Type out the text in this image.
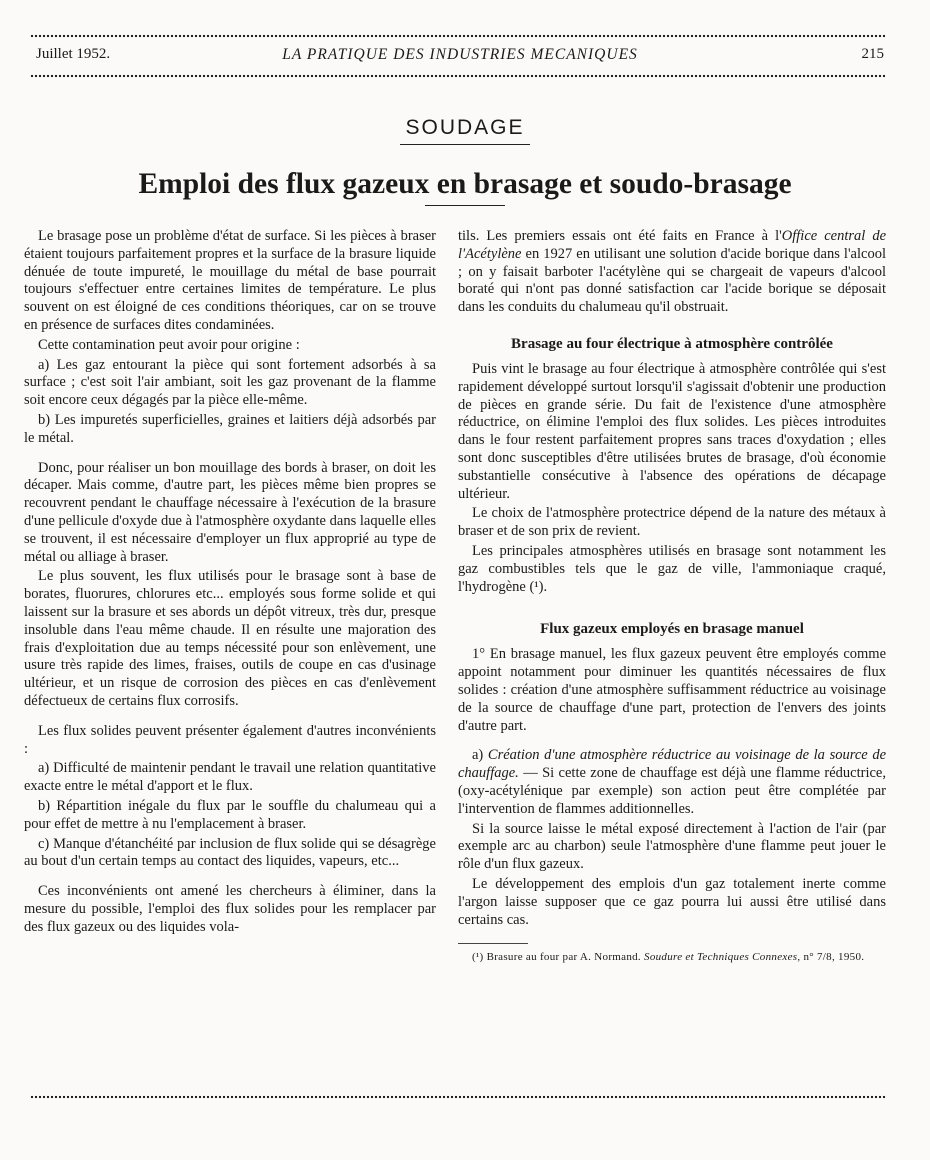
Juillet 1952.	LA PRATIQUE DES INDUSTRIES MECANIQUES	215
SOUDAGE
Emploi des flux gazeux en brasage et soudo-brasage

Le brasage pose un problème d'état de surface. Si les pièces à braser étaient toujours parfaitement propres et la surface de la brasure liquide dénuée de toute impureté, le mouillage du métal de base pourrait toujours s'effectuer entre certaines limites de température. Le plus souvent on est éloigné de ces conditions théoriques, car on se trouve en présence de surfaces dites condaminées.

Cette contamination peut avoir pour origine :

a) Les gaz entourant la pièce qui sont fortement adsorbés à sa surface ; c'est soit l'air ambiant, soit les gaz provenant de la flamme soit encore ceux dégagés par la pièce elle-même.

b) Les impuretés superficielles, graines et laitiers déjà adsorbés par le métal.

Donc, pour réaliser un bon mouillage des bords à braser, on doit les décaper. Mais comme, d'autre part, les pièces même bien propres se recouvrent pendant le chauffage nécessaire à l'exécution de la brasure d'une pellicule d'oxyde due à l'atmosphère oxydante dans laquelle elles se trouvent, il est nécessaire d'employer un flux approprié au type de métal ou alliage à braser.

Le plus souvent, les flux utilisés pour le brasage sont à base de borates, fluorures, chlorures etc... employés sous forme solide et qui laissent sur la brasure et ses abords un dépôt vitreux, très dur, presque insoluble dans l'eau même chaude. Il en résulte une majoration des frais d'exploitation due au temps nécessité pour son enlèvement, une usure très rapide des limes, fraises, outils de coupe en cas d'usinage ultérieur, et un risque de corrosion des pièces en cas d'enlèvement défectueux de certains flux corrosifs.

Les flux solides peuvent présenter également d'autres inconvénients :

a) Difficulté de maintenir pendant le travail une relation quantitative exacte entre le métal d'apport et le flux.

b) Répartition inégale du flux par le souffle du chalumeau qui a pour effet de mettre à nu l'emplacement à braser.

c) Manque d'étanchéité par inclusion de flux solide qui se désagrège au bout d'un certain temps au contact des liquides, vapeurs, etc...

Ces inconvénients ont amené les chercheurs à éliminer, dans la mesure du possible, l'emploi des flux solides pour les remplacer par des flux gazeux ou des liquides vola-

tils. Les premiers essais ont été faits en France à l'Office central de l'Acétylène en 1927 en utilisant une solution d'acide borique dans l'alcool ; on y faisait barboter l'acétylène qui se chargeait de vapeurs d'alcool boraté qui n'ont pas donné satisfaction car l'acide borique se déposait dans les conduits du chalumeau qu'il obstruait.

Brasage au four électrique à atmosphère contrôlée

Puis vint le brasage au four électrique à atmosphère contrôlée qui s'est rapidement développé surtout lorsqu'il s'agissait d'obtenir une production de pièces en grande série. Du fait de l'existence d'une atmosphère réductrice, on élimine l'emploi des flux solides. Les pièces introduites dans le four restent parfaitement propres sans traces d'oxydation ; elles sont donc susceptibles d'être utilisées brutes de brasage, d'où économie substantielle consécutive à l'absence des opérations de décapage ultérieur.

Le choix de l'atmosphère protectrice dépend de la nature des métaux à braser et de son prix de revient.

Les principales atmosphères utilisés en brasage sont notamment les gaz combustibles tels que le gaz de ville, l'ammoniaque craqué, l'hydrogène (¹).

Flux gazeux employés en brasage manuel

1° En brasage manuel, les flux gazeux peuvent être employés comme appoint notamment pour diminuer les quantités nécessaires de flux solides : création d'une atmosphère suffisamment réductrice au voisinage de la source de chauffage d'une part, protection de l'envers des joints d'autre part.

a) Création d'une atmosphère réductrice au voisinage de la source de chauffage. — Si cette zone de chauffage est déjà une flamme réductrice, (oxy-acétylénique par exemple) son action peut être complétée par l'intervention de flammes additionnelles.

Si la source laisse le métal exposé directement à l'action de l'air (par exemple arc au charbon) seule l'atmosphère d'une flamme peut jouer le rôle d'un flux gazeux.

Le développement des emplois d'un gaz totalement inerte comme l'argon laisse supposer que ce gaz pourra lui aussi être utilisé dans certains cas.

(¹) Brasure au four par A. Normand. Soudure et Techniques Connexes, n° 7/8, 1950.
